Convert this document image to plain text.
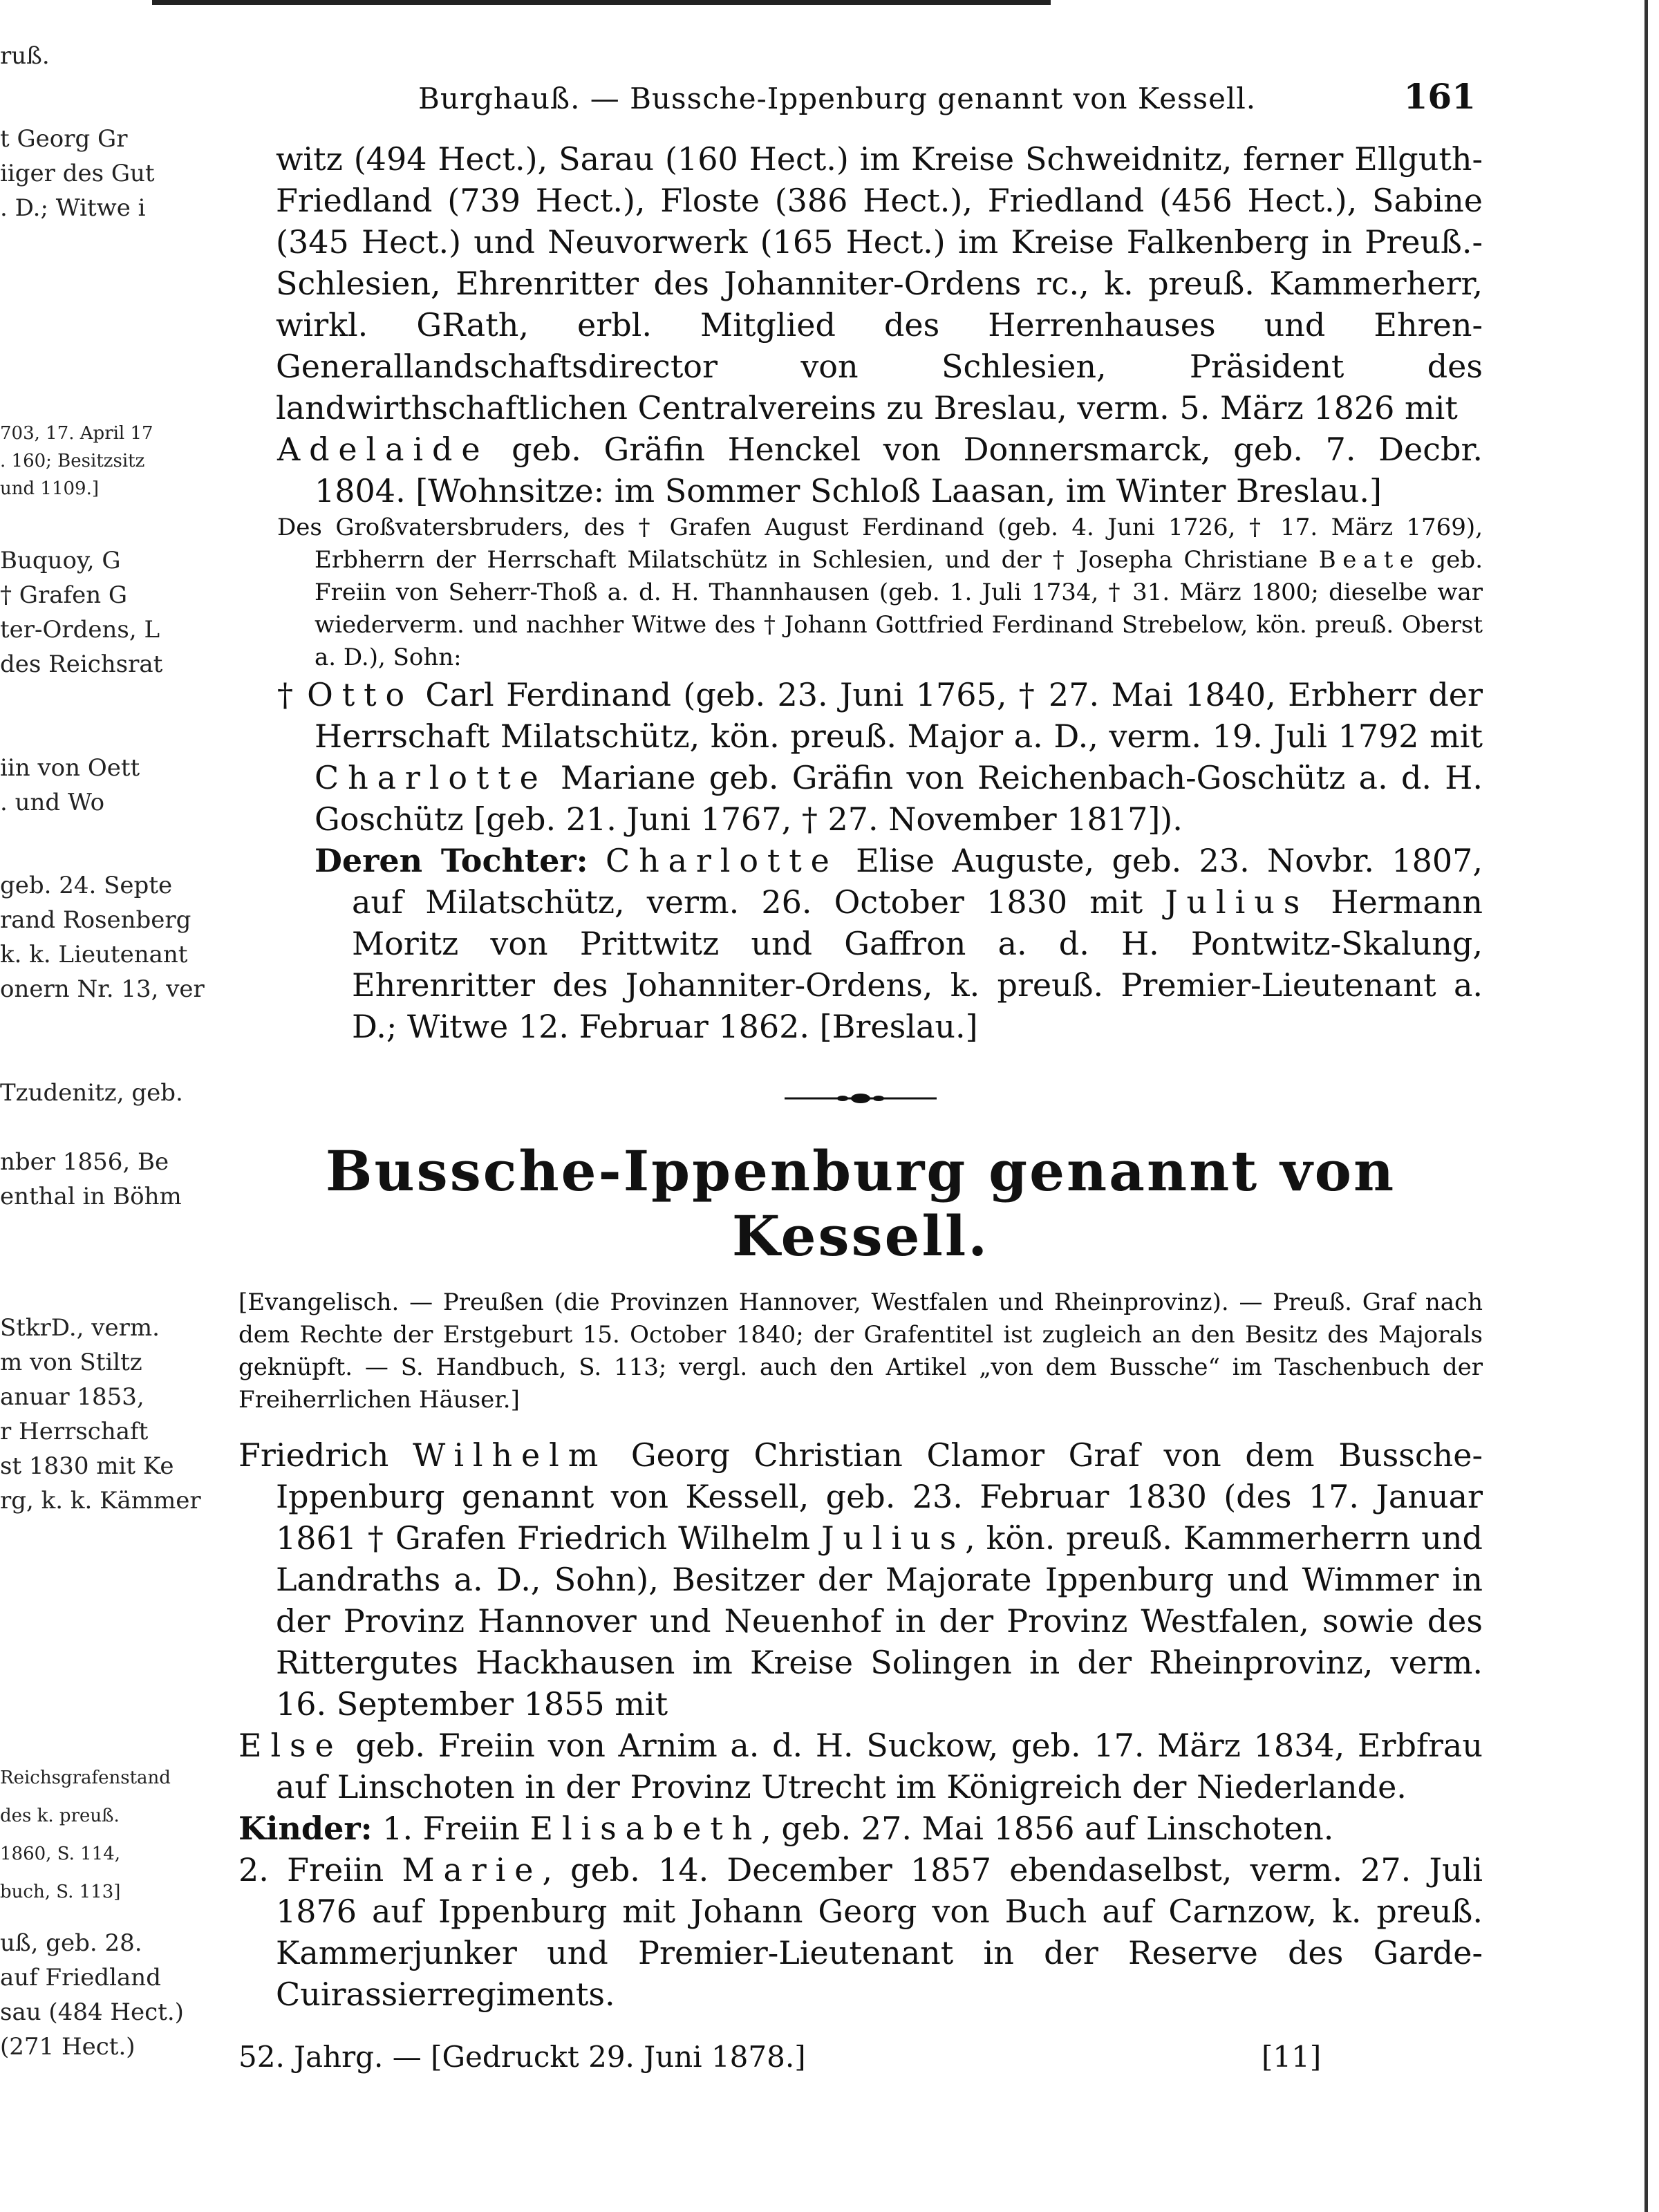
ruß.
t Georg Gr
iiger des Gut
. D.; Witwe i
703, 17. April 17
. 160; Besitzsitz
und 1109.]
Buquoy, G
† Grafen G
ter-Ordens, L
des Reichsrat
iin von Oett
. und Wo
geb. 24. Septe
rand Rosenberg
k. k. Lieutenant
onern Nr. 13, ver
Tzudenitz, geb.
nber 1856, Be
enthal in Böhm
StkrD., verm.
m von Stiltz
anuar 1853,
r Herrschaft
st 1830 mit Ke
rg, k. k. Kämmer
Reichsgrafenstand
des k. preuß.
1860, S. 114,
buch, S. 113]
uß, geb. 28.
auf Friedland
sau (484 Hect.)
(271 Hect.)
Burghauß. — Bussche-Ippenburg genannt von Kessell.	161

witz (494 Hect.), Sarau (160 Hect.) im Kreise Schweidnitz, ferner Ellguth-Friedland (739 Hect.), Floste (386 Hect.), Friedland (456 Hect.), Sabine (345 Hect.) und Neuvorwerk (165 Hect.) im Kreise Falkenberg in Preuß.-Schlesien, Ehrenritter des Johanniter-Ordens rc., k. preuß. Kammerherr, wirkl. GRath, erbl. Mitglied des Herrenhauses und Ehren-Generallandschaftsdirector von Schlesien, Präsident des landwirthschaftlichen Centralvereins zu Breslau, verm. 5. März 1826 mit

Adelaide geb. Gräfin Henckel von Donnersmarck, geb. 7. Decbr. 1804. [Wohnsitze: im Sommer Schloß Laasan, im Winter Breslau.]

Des Großvatersbruders, des † Grafen August Ferdinand (geb. 4. Juni 1726, † 17. März 1769), Erbherrn der Herrschaft Milatschütz in Schlesien, und der † Josepha Christiane Beate geb. Freiin von Seherr-Thoß a. d. H. Thannhausen (geb. 1. Juli 1734, † 31. März 1800; dieselbe war wiederverm. und nachher Witwe des † Johann Gottfried Ferdinand Strebelow, kön. preuß. Oberst a. D.), Sohn:

† Otto Carl Ferdinand (geb. 23. Juni 1765, † 27. Mai 1840, Erbherr der Herrschaft Milatschütz, kön. preuß. Major a. D., verm. 19. Juli 1792 mit Charlotte Mariane geb. Gräfin von Reichenbach-Goschütz a. d. H. Goschütz [geb. 21. Juni 1767, † 27. November 1817]).

Deren Tochter: Charlotte Elise Auguste, geb. 23. Novbr. 1807, auf Milatschütz, verm. 26. October 1830 mit Julius Hermann Moritz von Prittwitz und Gaffron a. d. H. Pontwitz-Skalung, Ehrenritter des Johanniter-Ordens, k. preuß. Premier-Lieutenant a. D.; Witwe 12. Februar 1862. [Breslau.]

Bussche-Ippenburg genannt von Kessell.

[Evangelisch. — Preußen (die Provinzen Hannover, Westfalen und Rheinprovinz). — Preuß. Graf nach dem Rechte der Erstgeburt 15. October 1840; der Grafentitel ist zugleich an den Besitz des Majorals geknüpft. — S. Handbuch, S. 113; vergl. auch den Artikel „von dem Bussche“ im Taschenbuch der Freiherrlichen Häuser.]

Friedrich Wilhelm Georg Christian Clamor Graf von dem Bussche-Ippenburg genannt von Kessell, geb. 23. Februar 1830 (des 17. Januar 1861 † Grafen Friedrich Wilhelm Julius, kön. preuß. Kammerherrn und Landraths a. D., Sohn), Besitzer der Majorate Ippenburg und Wimmer in der Provinz Hannover und Neuenhof in der Provinz Westfalen, sowie des Rittergutes Hackhausen im Kreise Solingen in der Rheinprovinz, verm. 16. September 1855 mit

Else geb. Freiin von Arnim a. d. H. Suckow, geb. 17. März 1834, Erbfrau auf Linschoten in der Provinz Utrecht im Königreich der Niederlande.

Kinder: 1. Freiin Elisabeth, geb. 27. Mai 1856 auf Linschoten.

2. Freiin Marie, geb. 14. December 1857 ebendaselbst, verm. 27. Juli 1876 auf Ippenburg mit Johann Georg von Buch auf Carnzow, k. preuß. Kammerjunker und Premier-Lieutenant in der Reserve des Garde-Cuirassierregiments.

52. Jahrg. — [Gedruckt 29. Juni 1878.]	[11]
